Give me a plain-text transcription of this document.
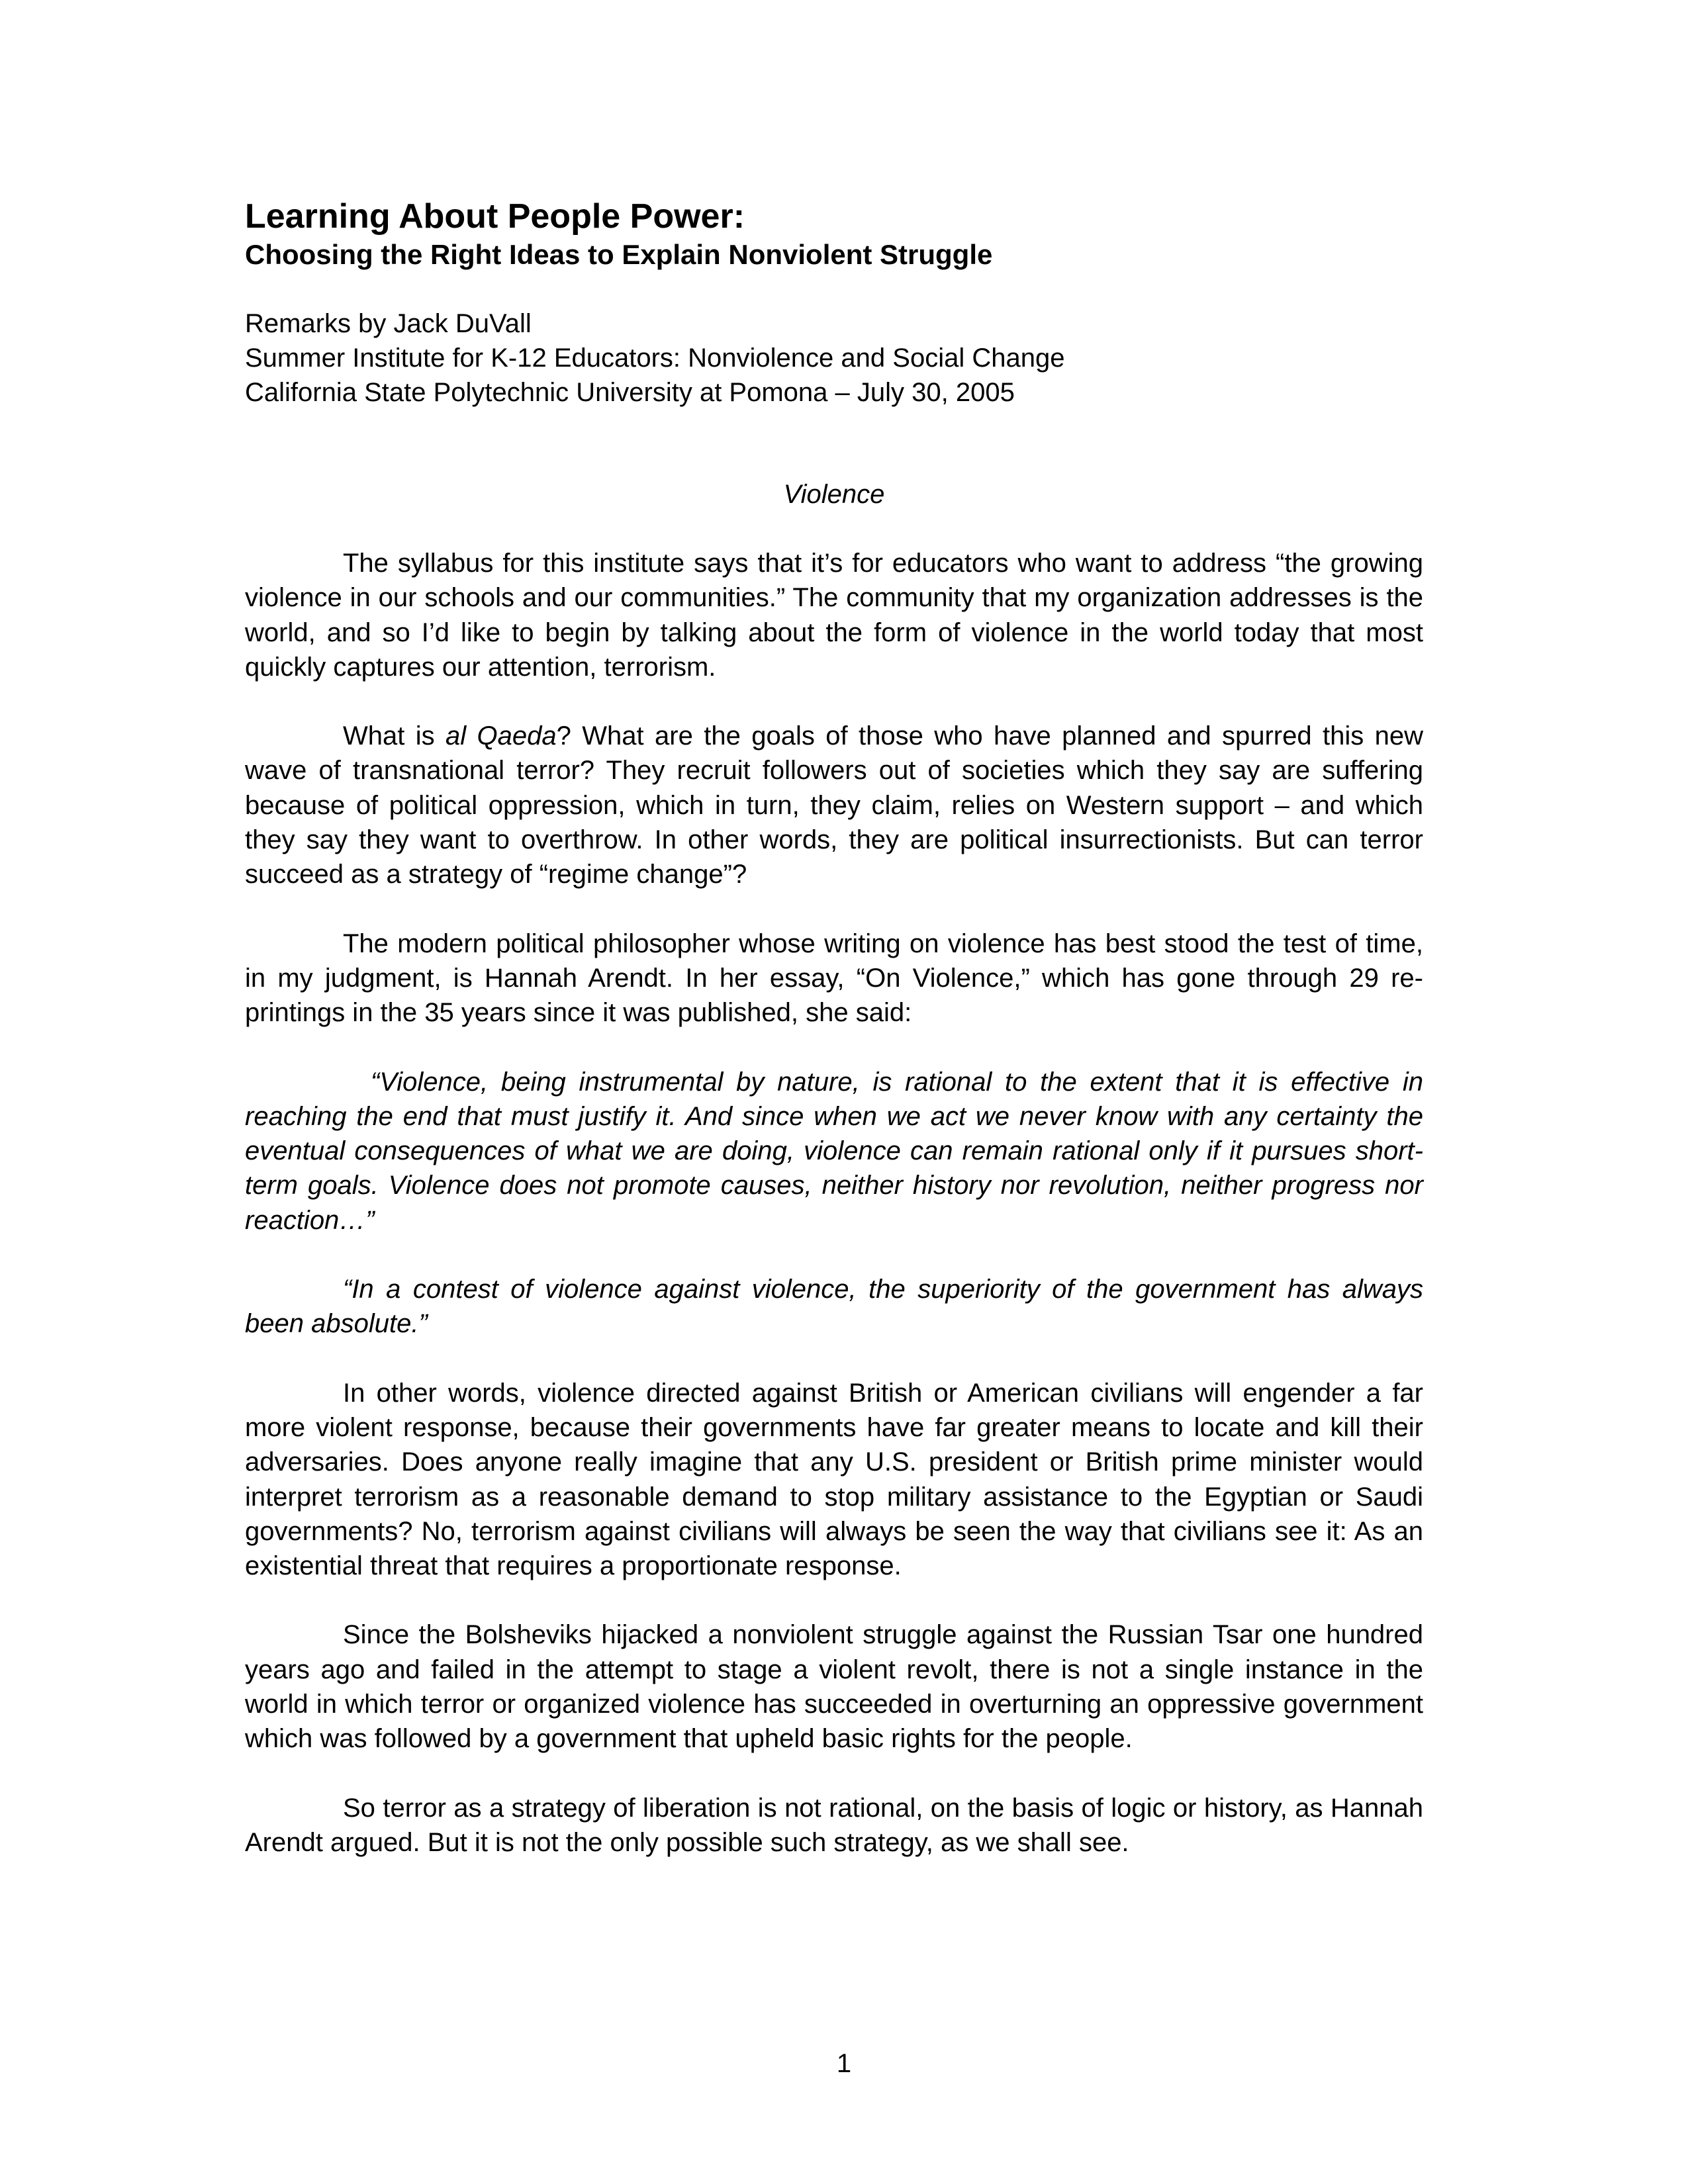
Learning About People Power:
Choosing the Right Ideas to Explain Nonviolent Struggle
Remarks by Jack DuVall
Summer Institute for K-12 Educators: Nonviolence and Social Change
California State Polytechnic University at Pomona – July 30, 2005
Violence

The syllabus for this institute says that it’s for educators who want to address “the growing violence in our schools and our communities.” The community that my organization addresses is the world, and so I’d like to begin by talking about the form of violence in the world today that most quickly captures our attention, terrorism.

What is al Qaeda? What are the goals of those who have planned and spurred this new wave of transnational terror? They recruit followers out of societies which they say are suffering because of political oppression, which in turn, they claim, relies on Western support – and which they say they want to overthrow. In other words, they are political insurrectionists. But can terror succeed as a strategy of “regime change”?

The modern political philosopher whose writing on violence has best stood the test of time, in my judgment, is Hannah Arendt. In her essay, “On Violence,” which has gone through 29 re-printings in the 35 years since it was published, she said:

“Violence, being instrumental by nature, is rational to the extent that it is effective in reaching the end that must justify it. And since when we act we never know with any certainty the eventual consequences of what we are doing, violence can remain rational only if it pursues short-term goals. Violence does not promote causes, neither history nor revolution, neither progress nor reaction…”

“In a contest of violence against violence, the superiority of the government has always been absolute.”

In other words, violence directed against British or American civilians will engender a far more violent response, because their governments have far greater means to locate and kill their adversaries. Does anyone really imagine that any U.S. president or British prime minister would interpret terrorism as a reasonable demand to stop military assistance to the Egyptian or Saudi governments? No, terrorism against civilians will always be seen the way that civilians see it: As an existential threat that requires a proportionate response.

Since the Bolsheviks hijacked a nonviolent struggle against the Russian Tsar one hundred years ago and failed in the attempt to stage a violent revolt, there is not a single instance in the world in which terror or organized violence has succeeded in overturning an oppressive government which was followed by a government that upheld basic rights for the people.

So terror as a strategy of liberation is not rational, on the basis of logic or history, as Hannah Arendt argued. But it is not the only possible such strategy, as we shall see.

1
